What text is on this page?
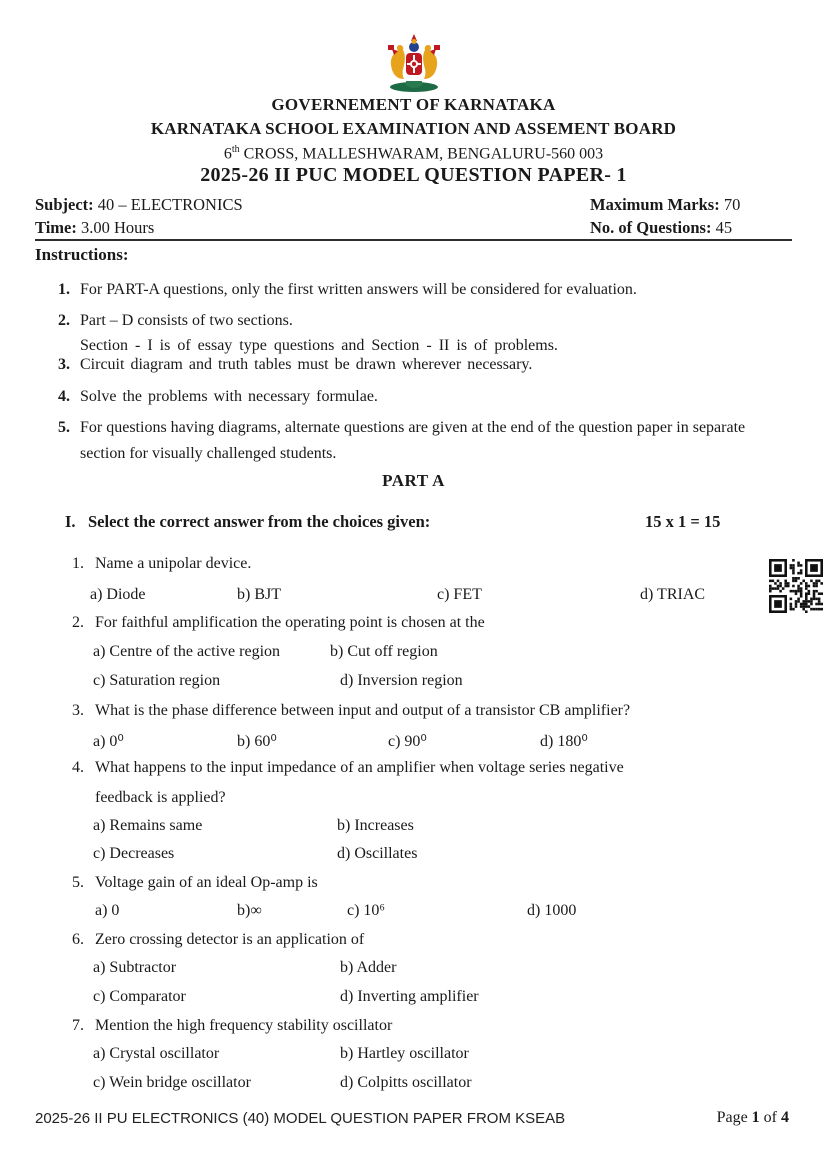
GOVERNEMENT OF KARNATAKA
KARNATAKA SCHOOL EXAMINATION AND ASSEMENT BOARD
6th CROSS, MALLESHWARAM, BENGALURU-560 003
2025-26 II PUC MODEL QUESTION PAPER- 1
Subject: 40 – ELECTRONICS	Maximum Marks: 70
Time: 3.00 Hours	No. of Questions: 45
Instructions:
1. For PART-A questions, only the first written answers will be considered for evaluation.
2. Part – D consists of two sections.
Section - I is of essay type questions and Section - II is of problems.
3. Circuit diagram and truth tables must be drawn wherever necessary.
4. Solve the problems with necessary formulae.
5. For questions having diagrams, alternate questions are given at the end of the question paper in separate
section for visually challenged students.
PART A
I. Select the correct answer from the choices given:	15 x 1 = 15
1. Name a unipolar device.
a) Diode	b) BJT	c) FET	d) TRIAC
2. For faithful amplification the operating point is chosen at the
a) Centre of the active region	b) Cut off region
c) Saturation region	d) Inversion region
3. What is the phase difference between input and output of a transistor CB amplifier?
a) 0⁰	b) 60⁰	c) 90⁰	d) 180⁰
4. What happens to the input impedance of an amplifier when voltage series negative
feedback is applied?
a) Remains same	b) Increases
c) Decreases	d) Oscillates
5. Voltage gain of an ideal Op-amp is
a) 0	b)∞	c) 10⁶	d) 1000
6. Zero crossing detector is an application of
a) Subtractor	b) Adder
c) Comparator	d) Inverting amplifier
7. Mention the high frequency stability oscillator
a) Crystal oscillator	b) Hartley oscillator
c) Wein bridge oscillator	d) Colpitts oscillator
2025-26 II PU ELECTRONICS (40) MODEL QUESTION PAPER FROM KSEAB	Page 1 of 4
